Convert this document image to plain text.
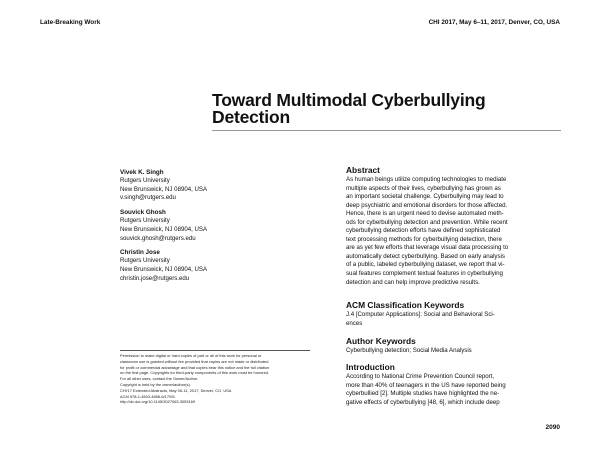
Late-Breaking Work	CHI 2017, May 6–11, 2017, Denver, CO, USA
Toward Multimodal Cyberbullying
Detection
Vivek K. Singh
Rutgers University
New Brunswick, NJ 08904, USA
v.singh@rutgers.edu
Souvick Ghosh
Rutgers University
New Brunswick, NJ 08904, USA
souvick.ghosh@rutgers.edu
Christin Jose
Rutgers University
New Brunswick, NJ 08904, USA
christin.jose@rutgers.edu
Abstract
As human beings utilize computing technologies to mediate
multiple aspects of their lives, cyberbullying has grown as
an important societal challenge. Cyberbullying may lead to
deep psychiatric and emotional disorders for those affected.
Hence, there is an urgent need to devise automated meth-
ods for cyberbullying detection and prevention. While recent
cyberbullying detection efforts have defined sophisticated
text processing methods for cyberbullying detection, there
are as yet few efforts that leverage visual data processing to
automatically detect cyberbullying. Based on early analysis
of a public, labeled cyberbullying dataset, we report that vi-
sual features complement textual features in cyberbullying
detection and can help improve predictive results.
ACM Classification Keywords
J.4 [Computer Applications]: Social and Behavioral Sci-
ences
Author Keywords
Cyberbullying detection; Social Media Analysis
Introduction
According to National Crime Prevention Council report,
more than 40% of teenagers in the US have reported being
cyberbullied [2]. Multiple studies have highlighted the ne-
gative effects of cyberbullying [48, 6], which include deep
Permission to make digital or hard copies of part or all of this work for personal or
classroom use is granted without fee provided that copies are not made or distributed
for profit or commercial advantage and that copies bear this notice and the full citation
on the first page. Copyrights for third-party components of this work must be honored.
For all other uses, contact the Owner/Author.
Copyright is held by the owner/author(s).
CHI'17 Extended Abstracts, May 06-11, 2017, Denver, CO, USA
ACM 978-1-4503-4656-6/17/05.
http://dx.doi.org/10.1145/3027063.3053169
2090
